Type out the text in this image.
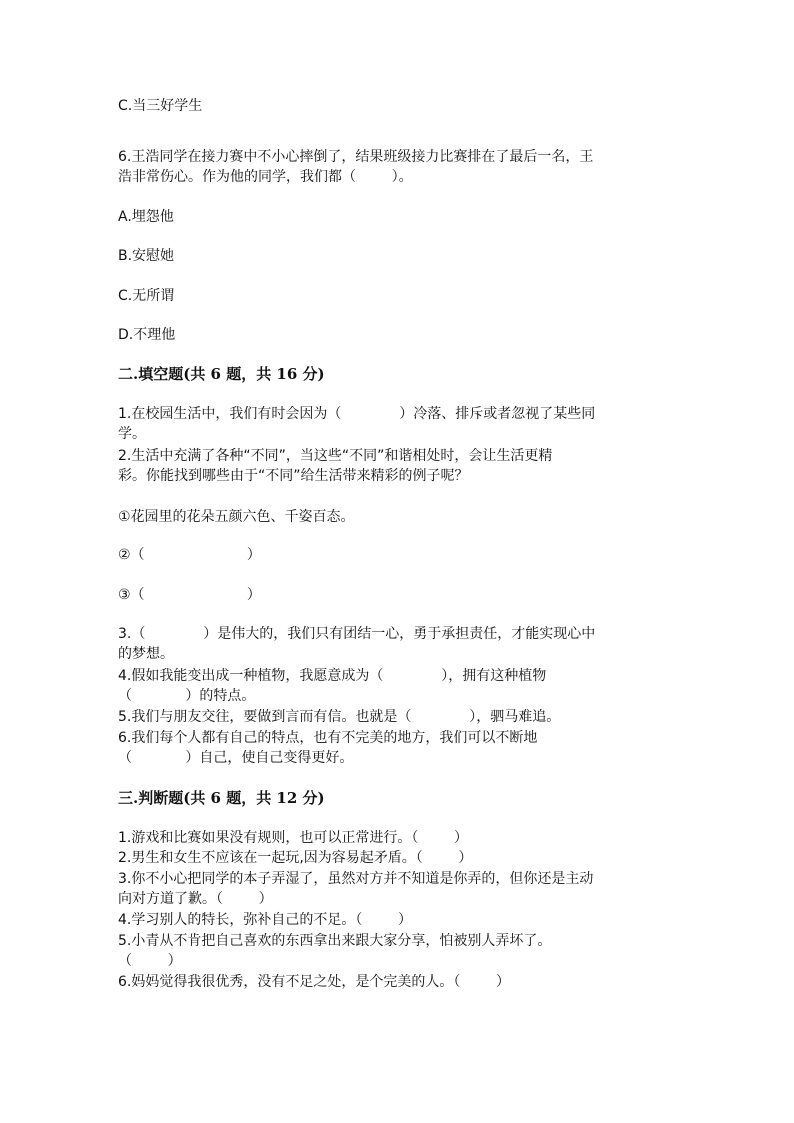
C.当三好学生

6.王浩同学在接力赛中不小心摔倒了，结果班级接力比赛排在了最后一名，王

浩非常伤心。作为他的同学，我们都（        ）。

A.埋怨他

B.安慰她

C.无所谓

D.不理他

二.填空题(共 6 题，共 16 分)

1.在校园生活中，我们有时会因为（             ）冷落、排斥或者忽视了某些同

学。

2.生活中充满了各种“不同”，当这些“不同”和谐相处时，会让生活更精

彩。你能找到哪些由于“不同”给生活带来精彩的例子呢？

①花园里的花朵五颜六色、千姿百态。

②（                       ）

③（                       ）

3.（             ）是伟大的，我们只有团结一心，勇于承担责任，才能实现心中

的梦想。

4.假如我能变出成一种植物，我愿意成为（             ），拥有这种植物

（            ）的特点。

5.我们与朋友交往，要做到言而有信。也就是（             ），驷马难追。

6.我们每个人都有自己的特点，也有不完美的地方，我们可以不断地

（            ）自己，使自己变得更好。

三.判断题(共 6 题，共 12 分)

1.游戏和比赛如果没有规则，也可以正常进行。（        ）

2.男生和女生不应该在一起玩,因为容易起矛盾。（        ）

3.你不小心把同学的本子弄湿了，虽然对方并不知道是你弄的，但你还是主动

向对方道了歉。（        ）

4.学习别人的特长，弥补自己的不足。（        ）

5.小青从不肯把自己喜欢的东西拿出来跟大家分享，怕被别人弄坏了。

（        ）

6.妈妈觉得我很优秀，没有不足之处，是个完美的人。（        ）
